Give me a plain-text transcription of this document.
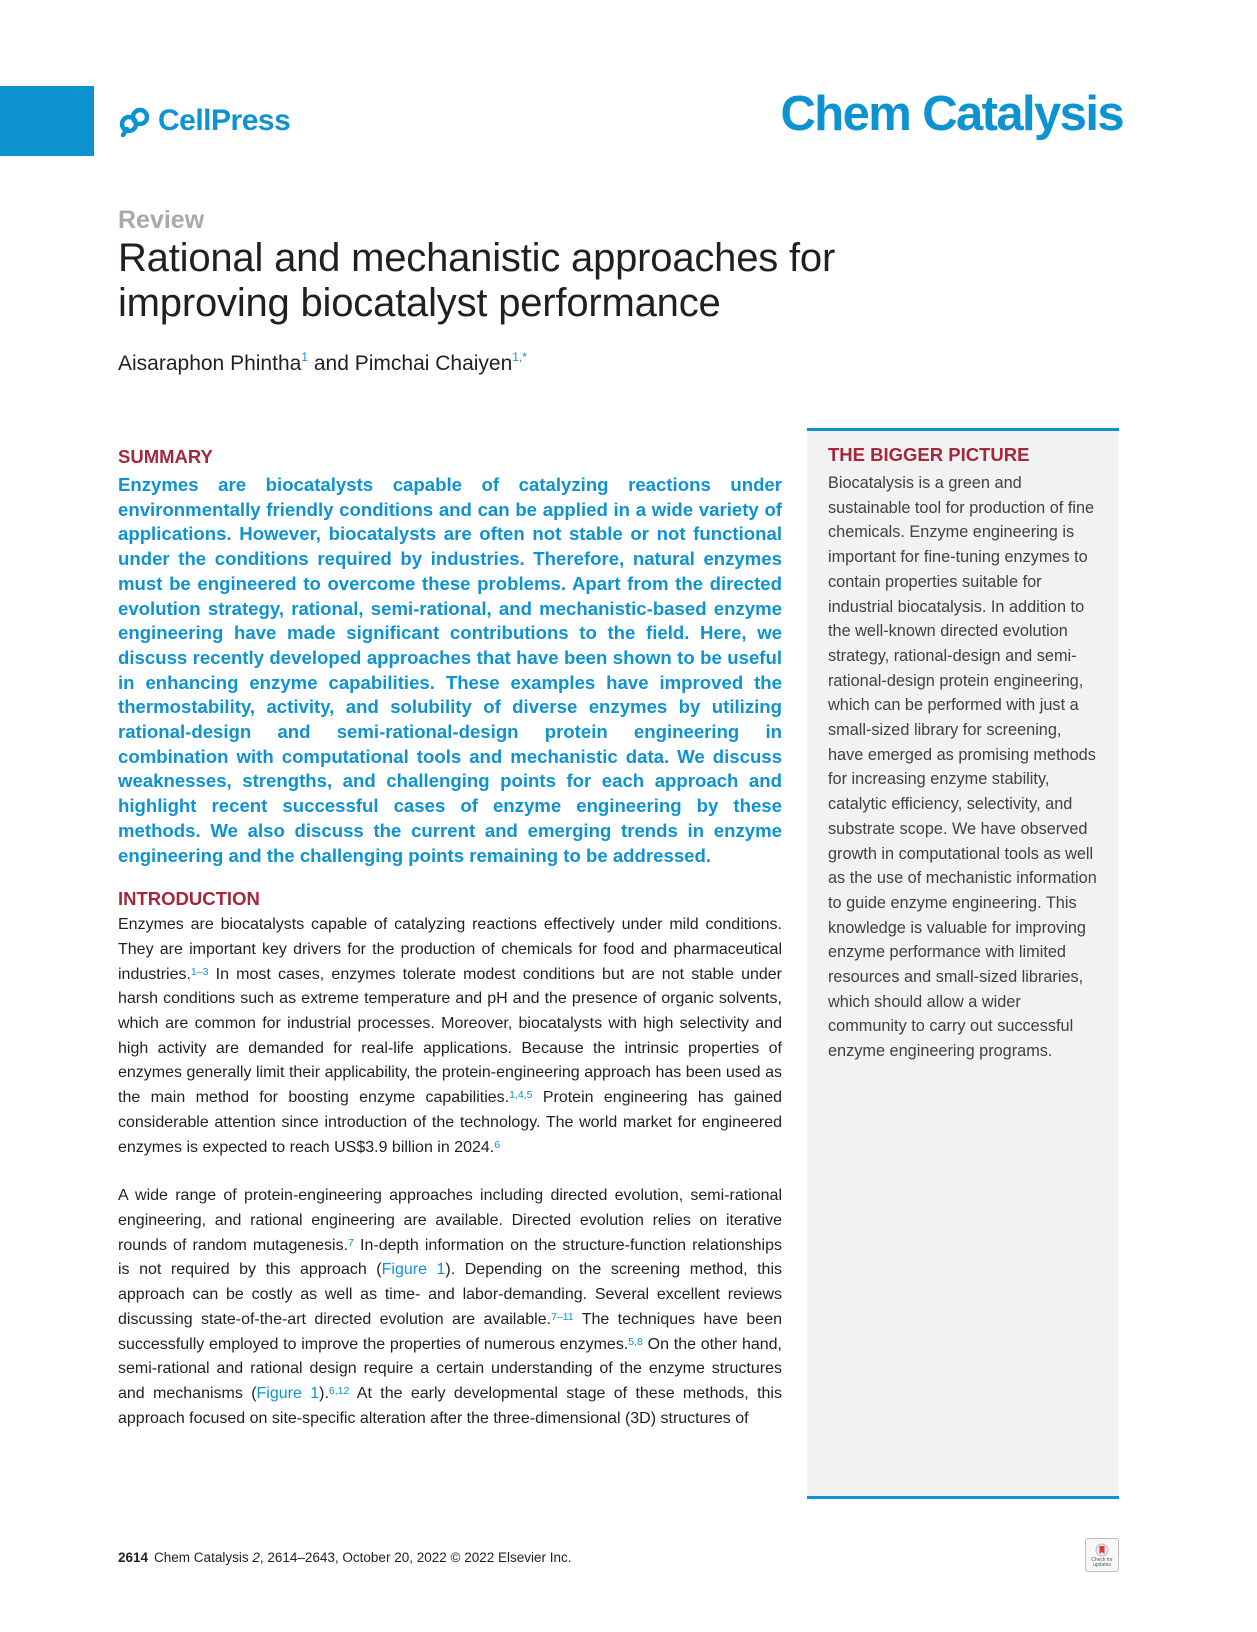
CellPress	Chem Catalysis
Review
Rational and mechanistic approaches for improving biocatalyst performance
Aisaraphon Phintha$^1$ and Pimchai Chaiyen$^{1,*}$
SUMMARY

Enzymes are biocatalysts capable of catalyzing reactions under environmentally friendly conditions and can be applied in a wide variety of applications. However, biocatalysts are often not stable or not functional under the conditions required by industries. Therefore, natural enzymes must be engineered to overcome these problems. Apart from the directed evolution strategy, rational, semi-rational, and mechanistic-based enzyme engineering have made significant contributions to the field. Here, we discuss recently developed approaches that have been shown to be useful in enhancing enzyme capabilities. These examples have improved the thermostability, activity, and solubility of diverse enzymes by utilizing rational-design and semi-rational-design protein engineering in combination with computational tools and mechanistic data. We discuss weaknesses, strengths, and challenging points for each approach and highlight recent successful cases of enzyme engineering by these methods. We also discuss the current and emerging trends in enzyme engineering and the challenging points remaining to be addressed.

INTRODUCTION

Enzymes are biocatalysts capable of catalyzing reactions effectively under mild conditions. They are important key drivers for the production of chemicals for food and pharmaceutical industries.$^{1-3}$ In most cases, enzymes tolerate modest conditions but are not stable under harsh conditions such as extreme temperature and pH and the presence of organic solvents, which are common for industrial processes. Moreover, biocatalysts with high selectivity and high activity are demanded for real-life applications. Because the intrinsic properties of enzymes generally limit their applicability, the protein-engineering approach has been used as the main method for boosting enzyme capabilities.$^{1,4,5}$ Protein engineering has gained considerable attention since introduction of the technology. The world market for engineered enzymes is expected to reach US$3.9 billion in 2024.$^6$

A wide range of protein-engineering approaches including directed evolution, semi-rational engineering, and rational engineering are available. Directed evolution relies on iterative rounds of random mutagenesis.$^7$ In-depth information on the structure-function relationships is not required by this approach (Figure 1). Depending on the screening method, this approach can be costly as well as time- and labor-demanding. Several excellent reviews discussing state-of-the-art directed evolution are available.$^{7-11}$ The techniques have been successfully employed to improve the properties of numerous enzymes.$^{5,8}$ On the other hand, semi-rational and rational design require a certain understanding of the enzyme structures and mechanisms (Figure 1).$^{6,12}$ At the early developmental stage of these methods, this approach focused on site-specific alteration after the three-dimensional (3D) structures of

THE BIGGER PICTURE

Biocatalysis is a green and sustainable tool for production of fine chemicals. Enzyme engineering is important for fine-tuning enzymes to contain properties suitable for industrial biocatalysis. In addition to the well-known directed evolution strategy, rational-design and semi-rational-design protein engineering, which can be performed with just a small-sized library for screening, have emerged as promising methods for increasing enzyme stability, catalytic efficiency, selectivity, and substrate scope. We have observed growth in computational tools as well as the use of mechanistic information to guide enzyme engineering. This knowledge is valuable for improving enzyme performance with limited resources and small-sized libraries, which should allow a wider community to carry out successful enzyme engineering programs.

2614 Chem Catalysis 2, 2614–2643, October 20, 2022 © 2022 Elsevier Inc.	Check for updates
